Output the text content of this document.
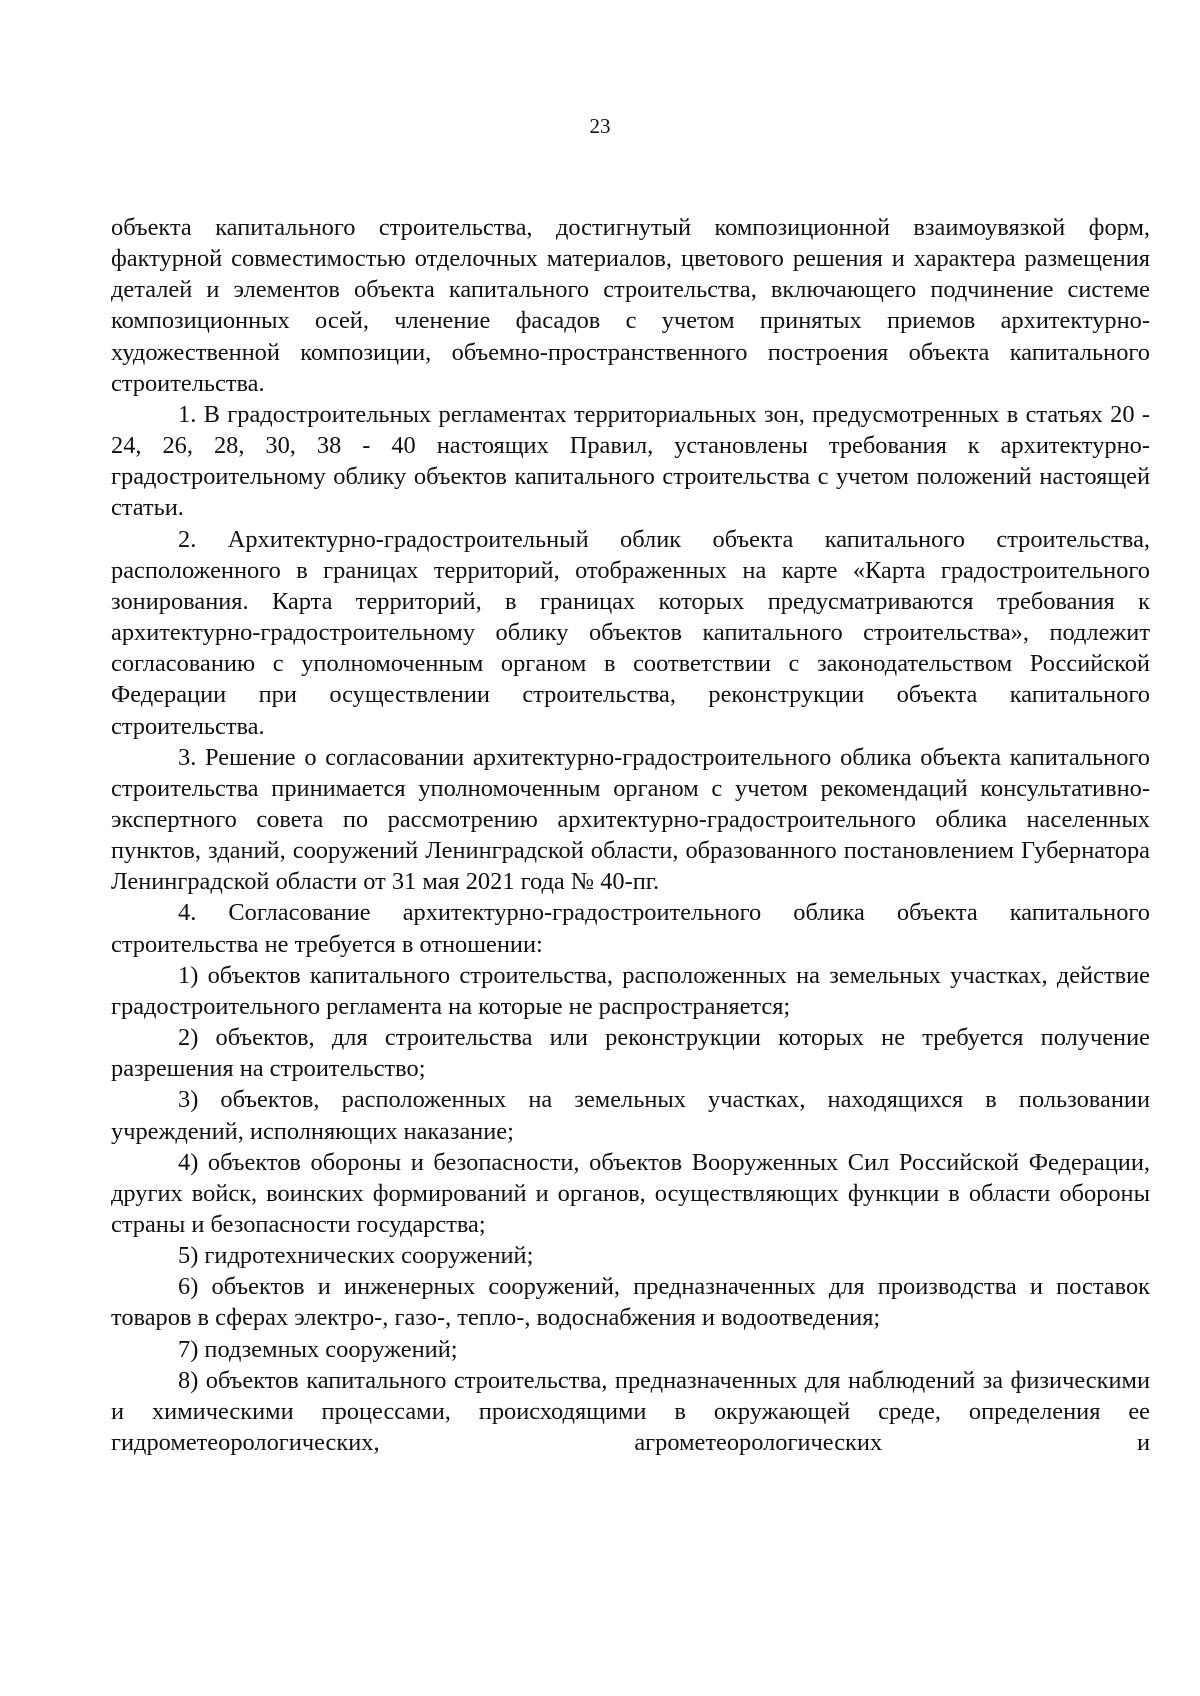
23

объекта капитального строительства, достигнутый композиционной взаимоувязкой форм, фактурной совместимостью отделочных материалов, цветового решения и характера размещения деталей и элементов объекта капитального строительства, включающего подчинение системе композиционных осей, членение фасадов с учетом принятых приемов архитектурно-художественной композиции, объемно-пространственного построения объекта капитального строительства.

1. В градостроительных регламентах территориальных зон, предусмотренных в статьях 20 - 24, 26, 28, 30, 38 - 40 настоящих Правил, установлены требования к архитектурно-градостроительному облику объектов капитального строительства с учетом положений настоящей статьи.

2. Архитектурно-градостроительный облик объекта капитального строительства, расположенного в границах территорий, отображенных на карте «Карта градостроительного зонирования. Карта территорий, в границах которых предусматриваются требования к архитектурно-градостроительному облику объектов капитального строительства», подлежит согласованию с уполномоченным органом в соответствии с законодательством Российской Федерации при осуществлении строительства, реконструкции объекта капитального строительства.

3. Решение о согласовании архитектурно-градостроительного облика объекта капитального строительства принимается уполномоченным органом с учетом рекомендаций консультативно-экспертного совета по рассмотрению архитектурно-градостроительного облика населенных пунктов, зданий, сооружений Ленинградской области, образованного постановлением Губернатора Ленинградской области от 31 мая 2021 года № 40-пг.

4. Согласование архитектурно-градостроительного облика объекта капитального строительства не требуется в отношении:

1) объектов капитального строительства, расположенных на земельных участках, действие градостроительного регламента на которые не распространяется;

2) объектов, для строительства или реконструкции которых не требуется получение разрешения на строительство;

3) объектов, расположенных на земельных участках, находящихся в пользовании учреждений, исполняющих наказание;

4) объектов обороны и безопасности, объектов Вооруженных Сил Российской Федерации, других войск, воинских формирований и органов, осуществляющих функции в области обороны страны и безопасности государства;

5) гидротехнических сооружений;

6) объектов и инженерных сооружений, предназначенных для производства и поставок товаров в сферах электро-, газо-, тепло-, водоснабжения и водоотведения;

7) подземных сооружений;

8) объектов капитального строительства, предназначенных для наблюдений за физическими и химическими процессами, происходящими в окружающей среде, определения ее гидрометеорологических, агрометеорологических и
